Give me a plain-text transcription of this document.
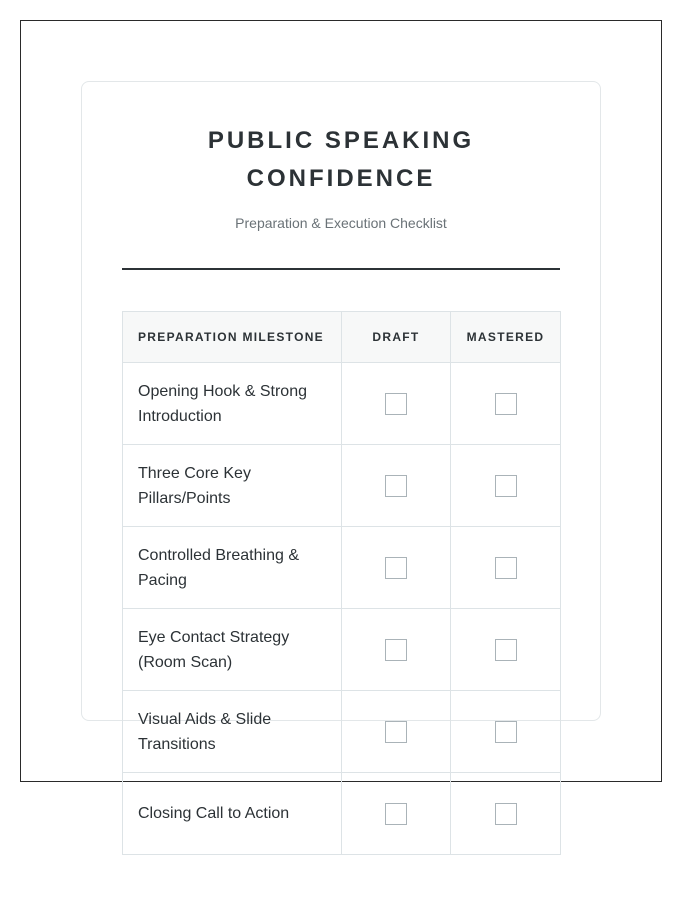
PUBLIC SPEAKING
CONFIDENCE
Preparation & Execution Checklist
PREPARATION MILESTONE	DRAFT	MASTERED
Opening Hook & Strong Introduction		
Three Core Key Pillars/Points		
Controlled Breathing & Pacing		
Eye Contact Strategy (Room Scan)		
Visual Aids & Slide Transitions		
Closing Call to Action		
